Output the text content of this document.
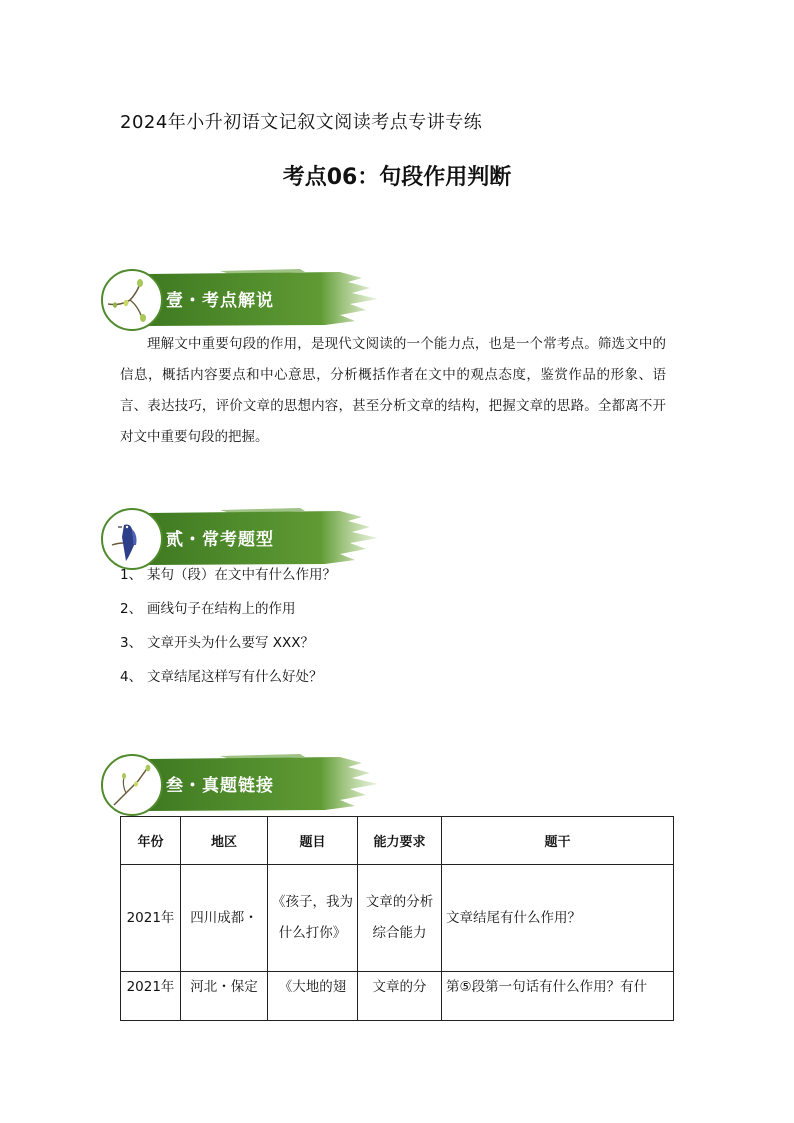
2024年小升初语文记叙文阅读考点专讲专练
考点06：句段作用判断
壹・考点解说
理解文中重要句段的作用，是现代文阅读的一个能力点，也是一个常考点。筛选文中的信息，概括内容要点和中心意思，分析概括作者在文中的观点态度，鉴赏作品的形象、语言、表达技巧，评价文章的思想内容，甚至分析文章的结构，把握文章的思路。全都离不开对文中重要句段的把握。
贰・常考题型
1、 某句（段）在文中有什么作用？
2、 画线句子在结构上的作用
3、 文章开头为什么要写 XXX？
4、 文章结尾这样写有什么好处？
叁・真题链接
年份	地区	题目	能力要求	题干
2021年	四川成都・	《孩子，我为什么打你》	文章的分析综合能力	文章结尾有什么作用？
2021年	河北・保定	《大地的翅	文章的分	第⑤段第一句话有什么作用？有什
